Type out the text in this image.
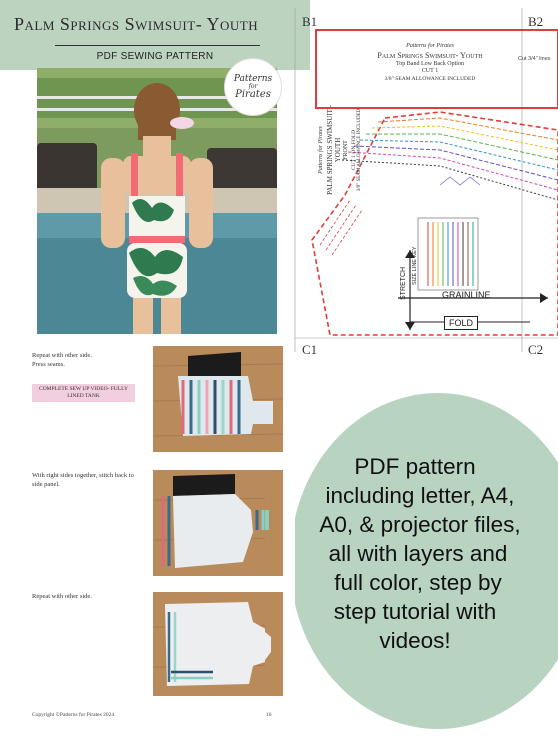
Palm Springs Swimsuit- Youth
PDF SEWING PATTERN
Patterns
for
Pirates
B1	B2
C1	C2
Patterns for Pirates
Palm Springs Swimsuit- Youth
Top Band Low Back Option
CUT 1
3/8" SEAM ALLOWANCE INCLUDED
Cut 3/4" lines
Patterns for Pirates PALM SPRINGS SWIMSUIT - YOUTH FRONT CUT 1 ON FOLD 3/8" SEAM ALLOWANCE INCLUDED
STRETCH SIZE LINE KEY
GRAINLINE
FOLD
Repeat with other side.
Press seams.
COMPLETE SEW UP VIDEO- FULLY LINED TANK
With right sides together, stitch back to side panel.
Repeat with other side.
Copyright ©Patterns for Pirates 2024	16
PDF pattern
including letter, A4,
A0, & projector files,
all with layers and
full color, step by
step tutorial with
videos!
